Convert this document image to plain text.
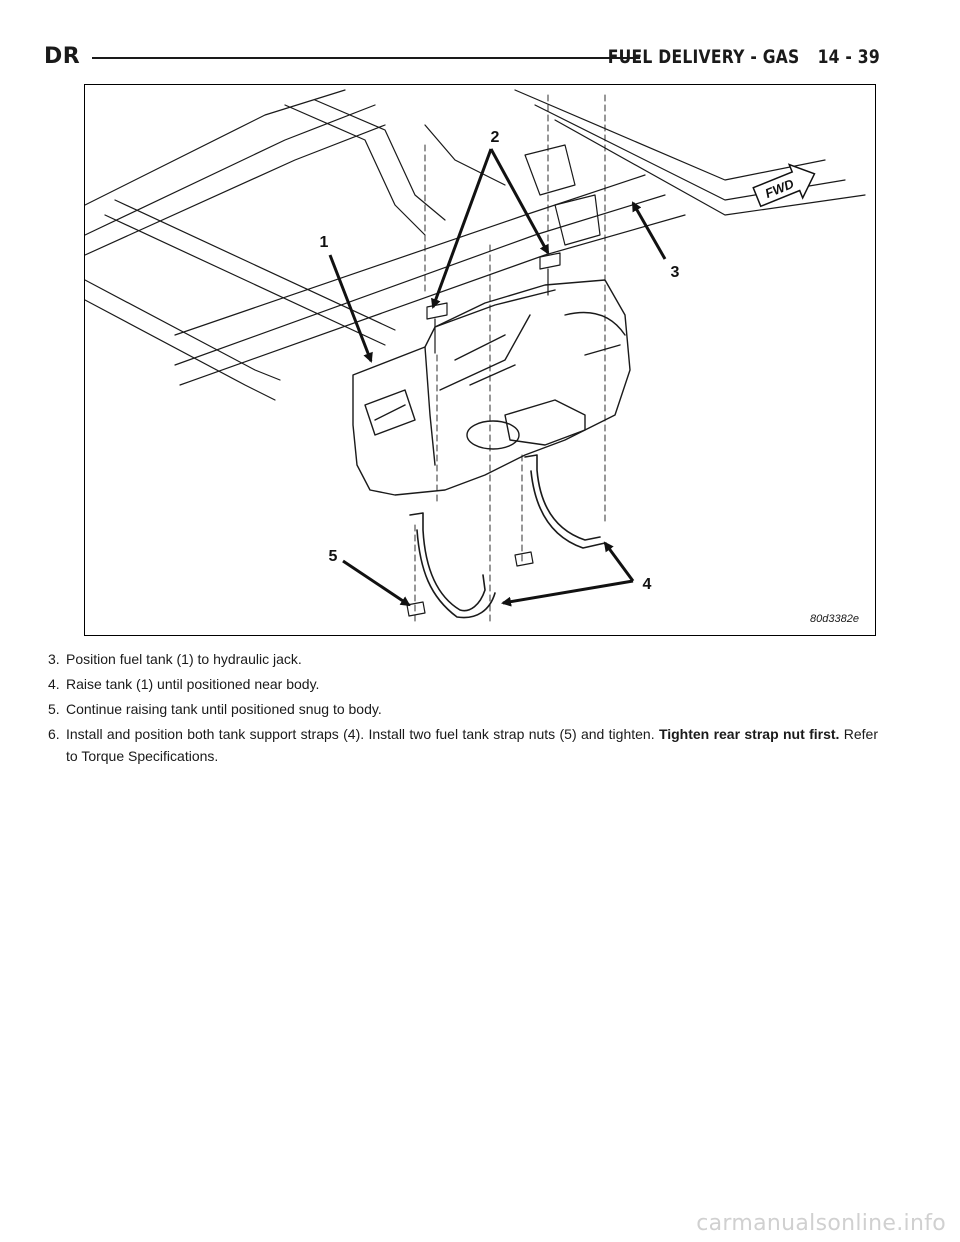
DR	FUEL DELIVERY - GAS 14 - 39
1
2
3
4
5
FWD
80d3382e
3. Position fuel tank (1) to hydraulic jack.
4. Raise tank (1) until positioned near body.
5. Continue raising tank until positioned snug to body.
6. Install and position both tank support straps (4). Install two fuel tank strap nuts (5) and tighten. Tighten rear strap nut first. Refer to Torque Specifications.
carmanualsonline.info
